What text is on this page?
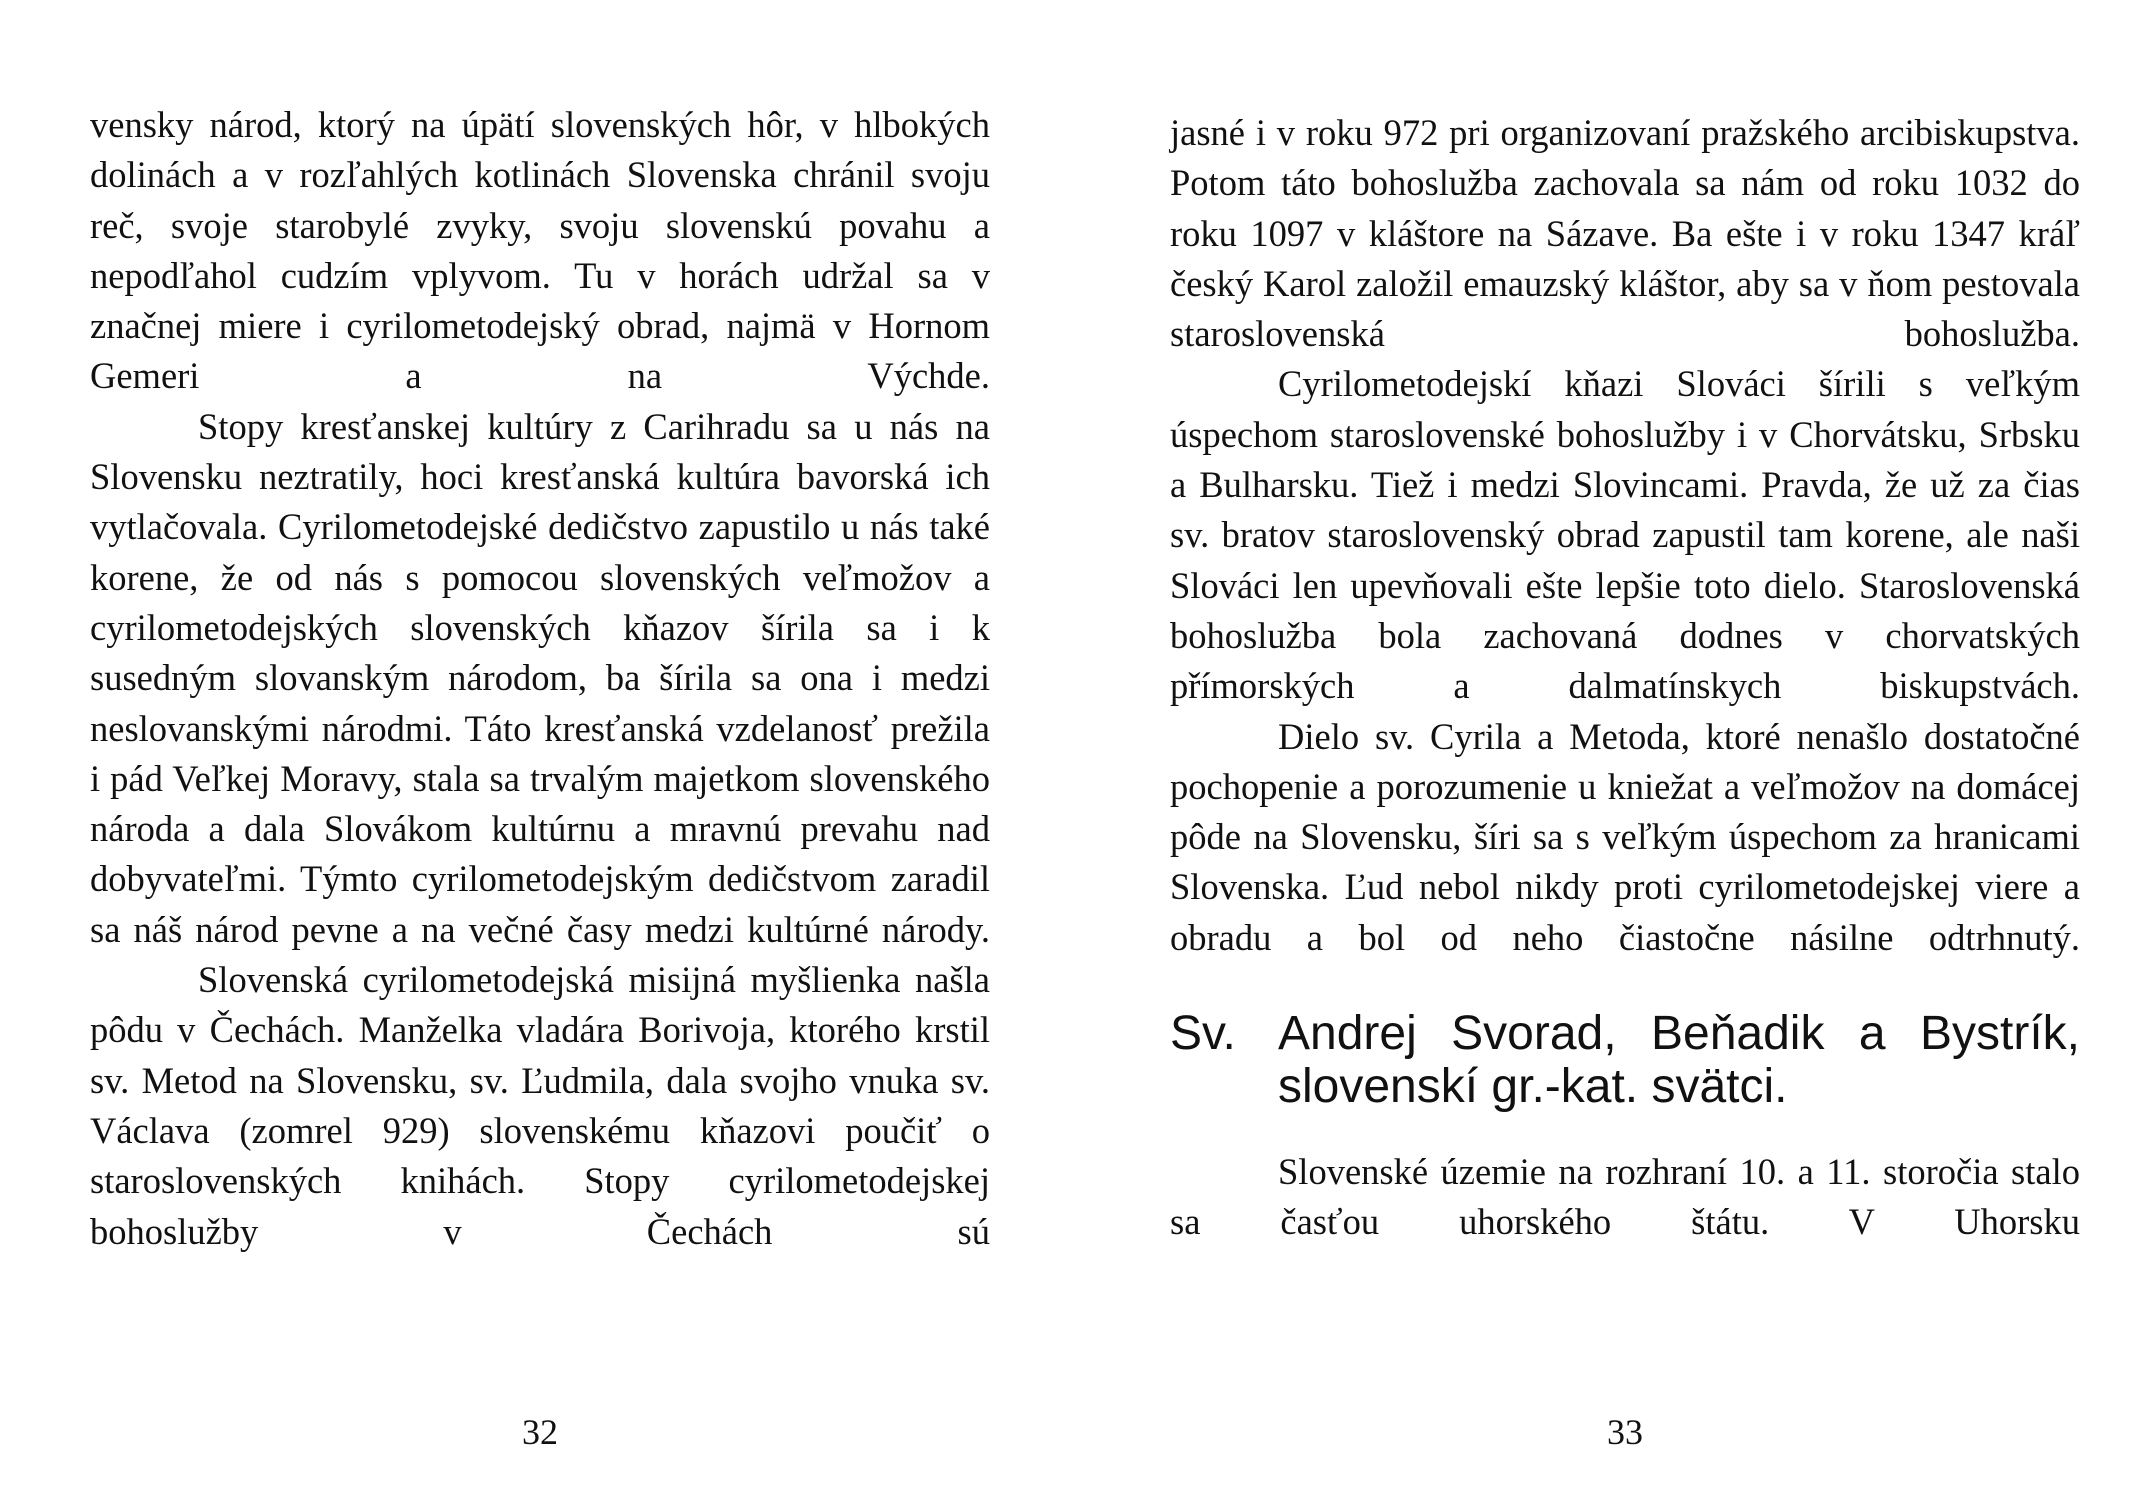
vensky národ, ktorý na úpätí slovenských hôr, v hlbokých dolinách a v rozľahlých kotlinách Slovenska chránil svoju reč, svoje starobylé zvyky, svoju slovenskú povahu a nepodľahol cudzím vplyvom. Tu v horách udržal sa v značnej miere i cyrilometodejský obrad, najmä v Hornom Gemeri a na Výchde.

Stopy kresťanskej kultúry z Carihradu sa u nás na Slovensku neztratily, hoci kresťanská kultúra bavorská ich vytlačovala. Cyrilometodejské dedičstvo zapustilo u nás také korene, že od nás s pomocou slovenských veľmožov a cyrilometodejských slovenských kňazov šírila sa i k susedným slovanským národom, ba šírila sa ona i medzi neslovanskými národmi. Táto kresťanská vzdelanosť prežila i pád Veľkej Moravy, stala sa trvalým majetkom slovenského národa a dala Slovákom kultúrnu a mravnú prevahu nad dobyvateľmi. Týmto cyrilometodejským dedičstvom zaradil sa náš národ pevne a na večné časy medzi kultúrné národy.

Slovenská cyrilometodejská misijná myšlienka našla pôdu v Čechách. Manželka vladára Borivoja, ktorého krstil sv. Metod na Slovensku, sv. Ľudmila, dala svojho vnuka sv. Václava (zomrel 929) slovenskému kňazovi poučiť o staroslovenských knihách. Stopy cyrilometodejskej bohoslužby v Čechách sú

32

jasné i v roku 972 pri organizovaní pražského arcibiskupstva. Potom táto bohoslužba zachovala sa nám od roku 1032 do roku 1097 v kláštore na Sázave. Ba ešte i v roku 1347 kráľ český Karol založil emauzský kláštor, aby sa v ňom pestovala staroslovenská bohoslužba.

Cyrilometodejskí kňazi Slováci šírili s veľkým úspechom staroslovenské bohoslužby i v Chorvátsku, Srbsku a Bulharsku. Tiež i medzi Slovincami. Pravda, že už za čias sv. bratov staroslovenský obrad zapustil tam korene, ale naši Slováci len upevňovali ešte lepšie toto dielo. Staroslovenská bohoslužba bola zachovaná dodnes v chorvatských přímorských a dalmatínskych biskupstvách.

Dielo sv. Cyrila a Metoda, ktoré nenašlo dostatočné pochopenie a porozumenie u kniežat a veľmožov na domácej pôde na Slovensku, šíri sa s veľkým úspechom za hranicami Slovenska. Ľud nebol nikdy proti cyrilometodejskej viere a obradu a bol od neho čiastočne násilne odtrhnutý.

Sv. Andrej Svorad, Beňadik a Bystrík, slovenskí gr.-kat. svätci.

Slovenské územie na rozhraní 10. a 11. storočia stalo sa časťou uhorského štátu. V Uhorsku

33
